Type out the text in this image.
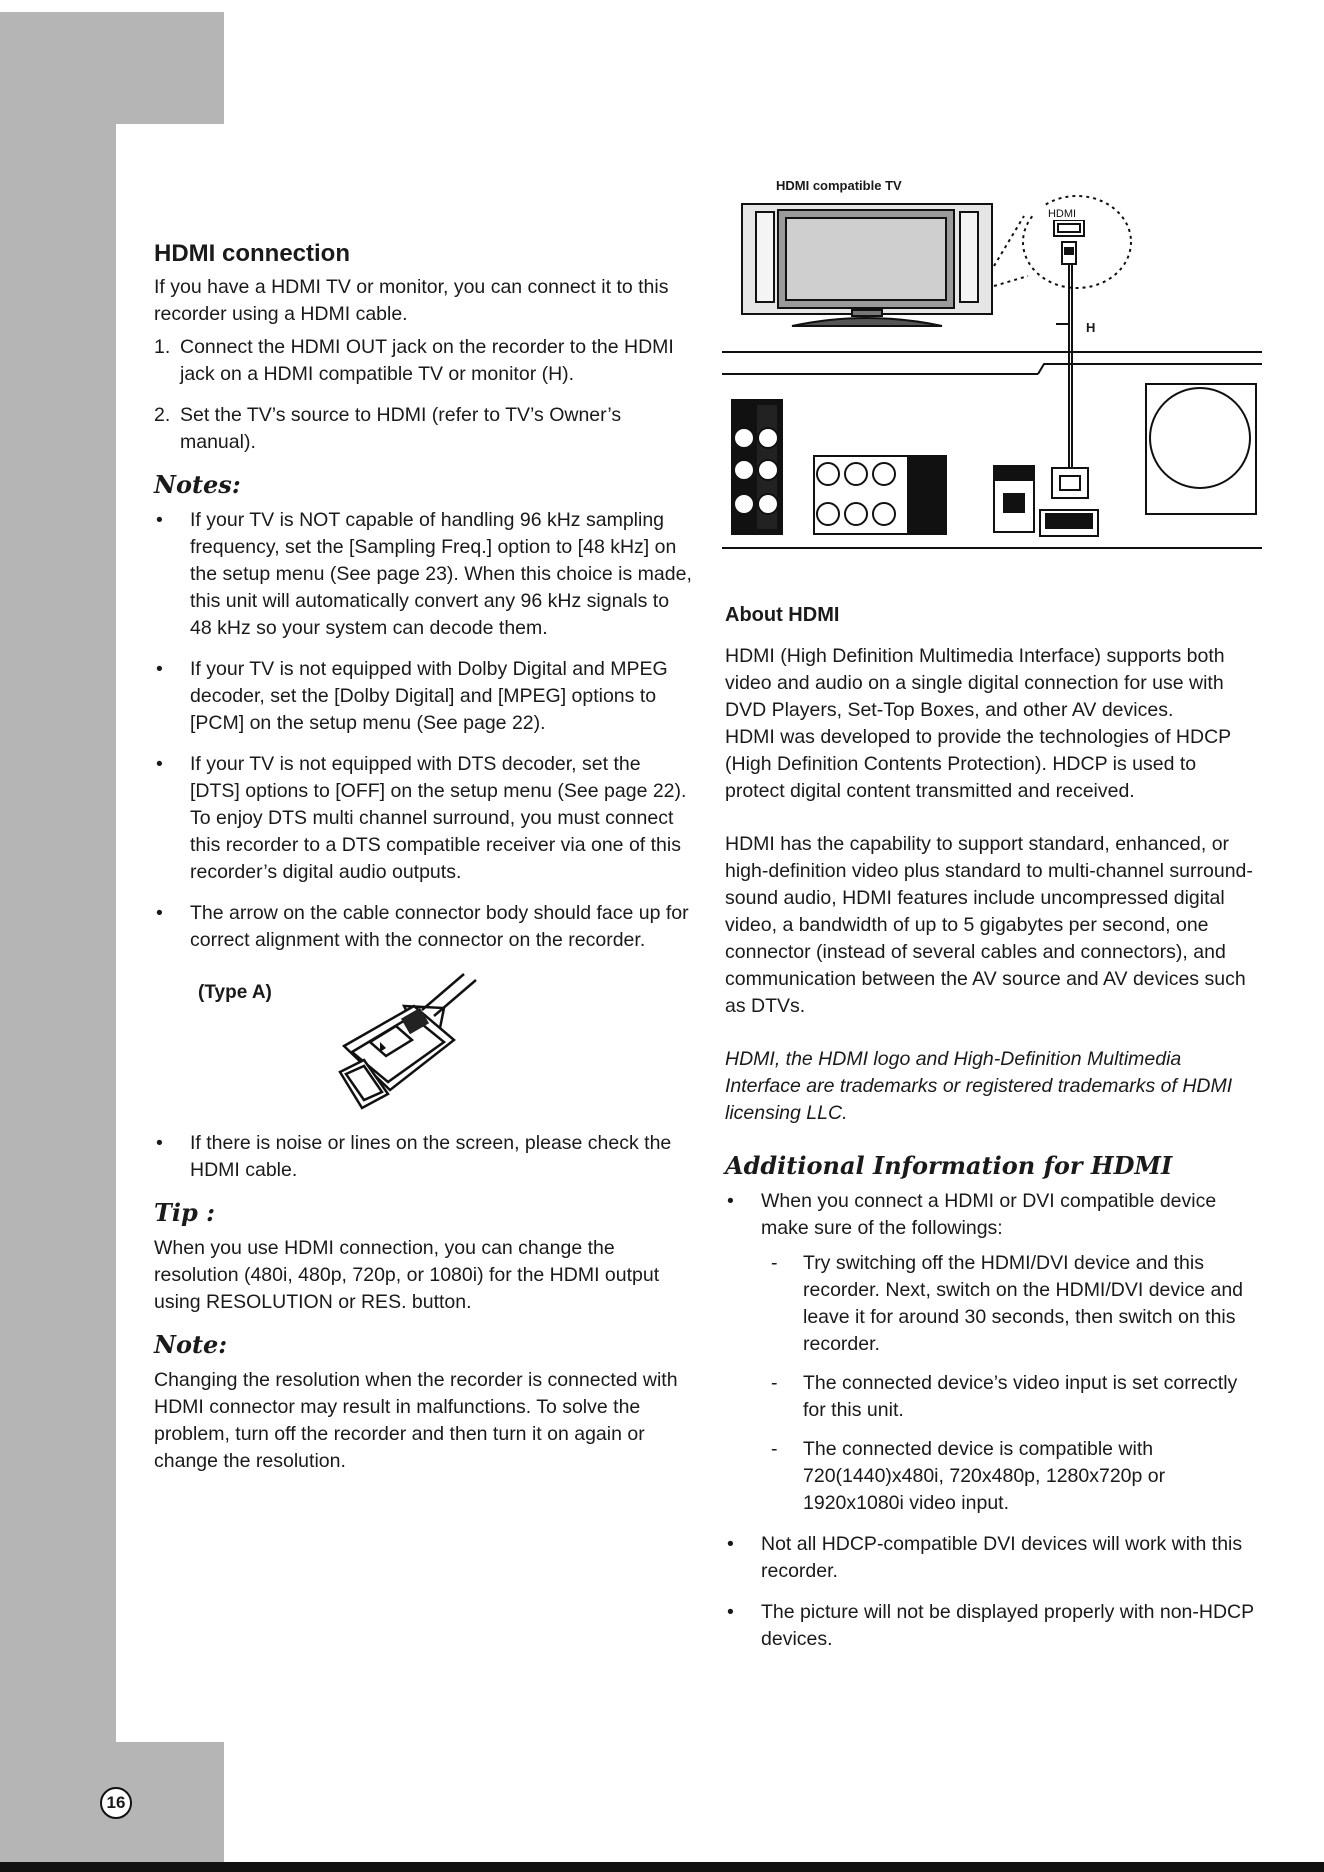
16
HDMI connection

If you have a HDMI TV or monitor, you can connect it to this recorder using a HDMI cable.

1. Connect the HDMI OUT jack on the recorder to the HDMI jack on a HDMI compatible TV or monitor (H).
2. Set the TV’s source to HDMI (refer to TV’s Owner’s manual).
Notes:
• If your TV is NOT capable of handling 96 kHz sampling frequency, set the [Sampling Freq.] option to [48 kHz] on the setup menu (See page 23). When this choice is made, this unit will automatically convert any 96 kHz signals to 48 kHz so your system can decode them.
• If your TV is not equipped with Dolby Digital and MPEG decoder, set the [Dolby Digital] and [MPEG] options to [PCM] on the setup menu (See page 22).
• If your TV is not equipped with DTS decoder, set the [DTS] options to [OFF] on the setup menu (See page 22). To enjoy DTS multi channel surround, you must connect this recorder to a DTS compatible receiver via one of this recorder’s digital audio outputs.
• The arrow on the cable connector body should face up for correct alignment with the connector on the recorder.
(Type A)
• If there is noise or lines on the screen, please check the HDMI cable.
Tip :

When you use HDMI connection, you can change the resolution (480i, 480p, 720p, or 1080i) for the HDMI output using RESOLUTION or RES. button.

Note:

Changing the resolution when the recorder is connected with HDMI connector may result in malfunctions. To solve the problem, turn off the recorder and then turn it on again or change the resolution.

HDMI compatible TV
H
HDMI
About HDMI

HDMI (High Definition Multimedia Interface) supports both video and audio on a single digital connection for use with DVD Players, Set-Top Boxes, and other AV devices.

HDMI was developed to provide the technologies of HDCP (High Definition Contents Protection). HDCP is used to protect digital content transmitted and received.

HDMI has the capability to support standard, enhanced, or high-definition video plus standard to multi-channel surround-sound audio, HDMI features include uncompressed digital video, a bandwidth of up to 5 gigabytes per second, one connector (instead of several cables and connectors), and communication between the AV source and AV devices such as DTVs.

HDMI, the HDMI logo and High-Definition Multimedia Interface are trademarks or registered trademarks of HDMI licensing LLC.

Additional Information for HDMI
• When you connect a HDMI or DVI compatible device make sure of the followings:
- Try switching off the HDMI/DVI device and this recorder. Next, switch on the HDMI/DVI device and leave it for around 30 seconds, then switch on this recorder.
- The connected device’s video input is set correctly for this unit.
- The connected device is compatible with 720(1440)x480i, 720x480p, 1280x720p or 1920x1080i video input.
• Not all HDCP-compatible DVI devices will work with this recorder.
• The picture will not be displayed properly with non-HDCP devices.
